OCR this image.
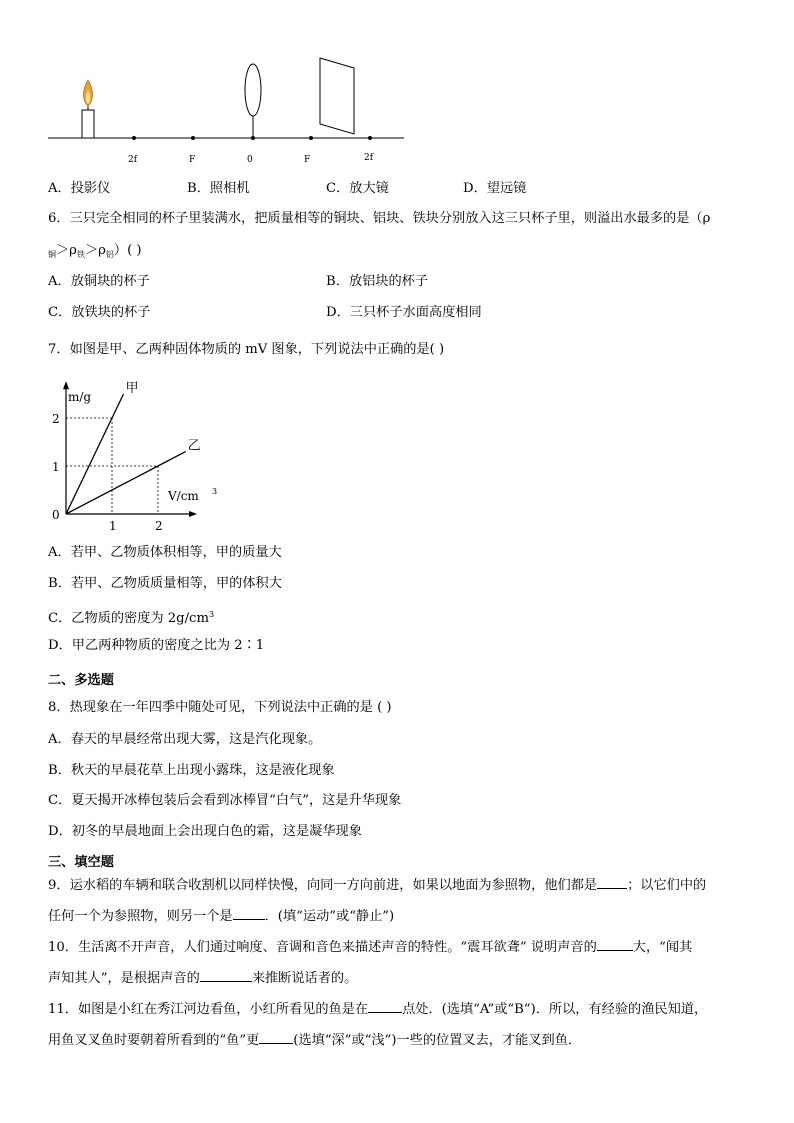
2f	F	0	F	2f
A．投影仪	B．照相机	C．放大镜	D．望远镜
6．三只完全相同的杯子里装满水，把质量相等的铜块、铝块、铁块分别放入这三只杯子里，则溢出水最多的是（ρ
$_铜>\rho_铁>\rho_铝$）( )
A．放铜块的杯子	B．放铝块的杯子
C．放铁块的杯子	D．三只杯子水面高度相同
7．如图是甲、乙两种固体物质的 mV 图象，下列说法中正确的是( )
m/g
V/cm 3
0
1	2
1
2
甲
乙
A．若甲、乙物质体积相等，甲的质量大
B．若甲、乙物质质量相等，甲的体积大
C．乙物质的密度为 $2g/cm^3$
D．甲乙两种物质的密度之比为 2∶1
二、多选题
8．热现象在一年四季中随处可见，下列说法中正确的是 ( )
A．春天的早晨经常出现大雾，这是汽化现象。
B．秋天的早晨花草上出现小露珠，这是液化现象
C．夏天揭开冰棒包装后会看到冰棒冒“白气”，这是升华现象
D．初冬的早晨地面上会出现白色的霜，这是凝华现象
三、填空题
9．运水稻的车辆和联合收割机以同样快慢，向同一方向前进，如果以地面为参照物，他们都是 ；以它们中的
任何一个为参照物，则另一个是 ．(填“运动”或“静止”)
10．生活离不开声音，人们通过响度、音调和音色来描述声音的特性。“震耳欲聋” 说明声音的	大，“闻其
声知其人”，是根据声音的	来推断说话者的。
11．如图是小红在秀江河边看鱼，小红所看见的鱼是在	点处．(选填“A”或“B”)．所以，有经验的渔民知道，
用鱼叉叉鱼时要朝着所看到的“鱼”更	(选填“深”或“浅”)一些的位置叉去，才能叉到鱼．
